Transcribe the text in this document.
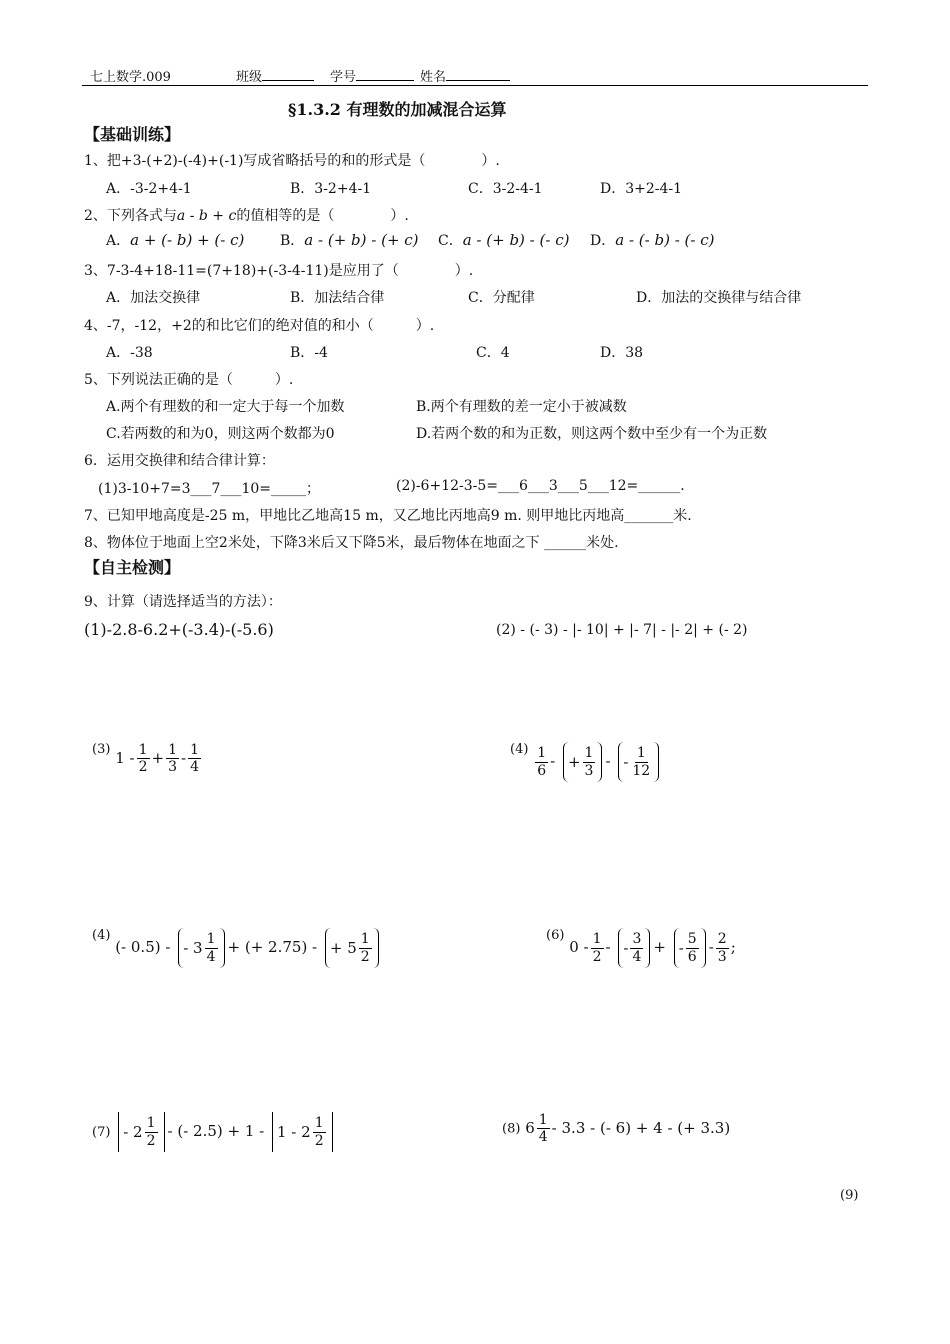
七上数学.009	班级	学号	姓名
§1.3.2 有理数的加减混合运算
【基础训练】
1、把+3-(+2)-(-4)+(-1)写成省略括号的和的形式是（　　　　）.
A．-3-2+4-1	B．3-2+4-1	C．3-2-4-1	D．3+2-4-1
2、下列各式与a - b + c的值相等的是（　　　　）.
A．a + (- b) + (- c)	B．a - (+ b) - (+ c) C．a - (+ b) - (- c) D．a - (- b) - (- c)
3、7-3-4+18-11=(7+18)+(-3-4-11)是应用了（　　　　）.
A．加法交换律	B．加法结合律	C．分配律	D．加法的交换律与结合律
4、-7，-12，+2的和比它们的绝对值的和小（　　　）.
A．-38	B．-4	C．4	D．38
5、下列说法正确的是（　　　）.
A.两个有理数的和一定大于每一个加数	B.两个有理数的差一定小于被减数
C.若两数的和为0，则这两个数都为0	D.若两个数的和为正数，则这两个数中至少有一个为正数
6．运用交换律和结合律计算：
(1)3-10+7=3___7___10=_____；	(2)-6+12-3-5=___6___3___5___12=______.
7、已知甲地高度是-25 m，甲地比乙地高15 m，又乙地比丙地高9 m. 则甲地比丙地高_______米.
8、物体位于地面上空2米处，下降3米后又下降5米，最后物体在地面之下 ______米处.
【自主检测】
9、计算（请选择适当的方法）：
(1)-2.8-6.2+(-3.4)-(-5.6)	(2) - (- 3) - |- 10| + |- 7| - |- 2| + (- 2)
(3) $1 - \frac{1}{2} + \frac{1}{3} - \frac{1}{4}$	$(4) \frac{1}{6}$ - + $\frac{1}{3}$ - - $\frac{1}{12}$
(4) (- 0.5) - - $3 \frac{1}{4}$ + (+ 2.75) - + $5 \frac{1}{2}$	(6) $0 - \frac{1}{2}$ - - $\frac{3}{4}$ + - $\frac{5}{6} - \frac{2}{3}$ ;
$(7) - 2 \frac{1}{2}$ - (- $2.5) + 1 - 1 - 2 \frac{1}{2}$	(8) $6 \frac{1}{4} - 3.3$ - (- 6) + 4 - (+ 3.3)
(9)
